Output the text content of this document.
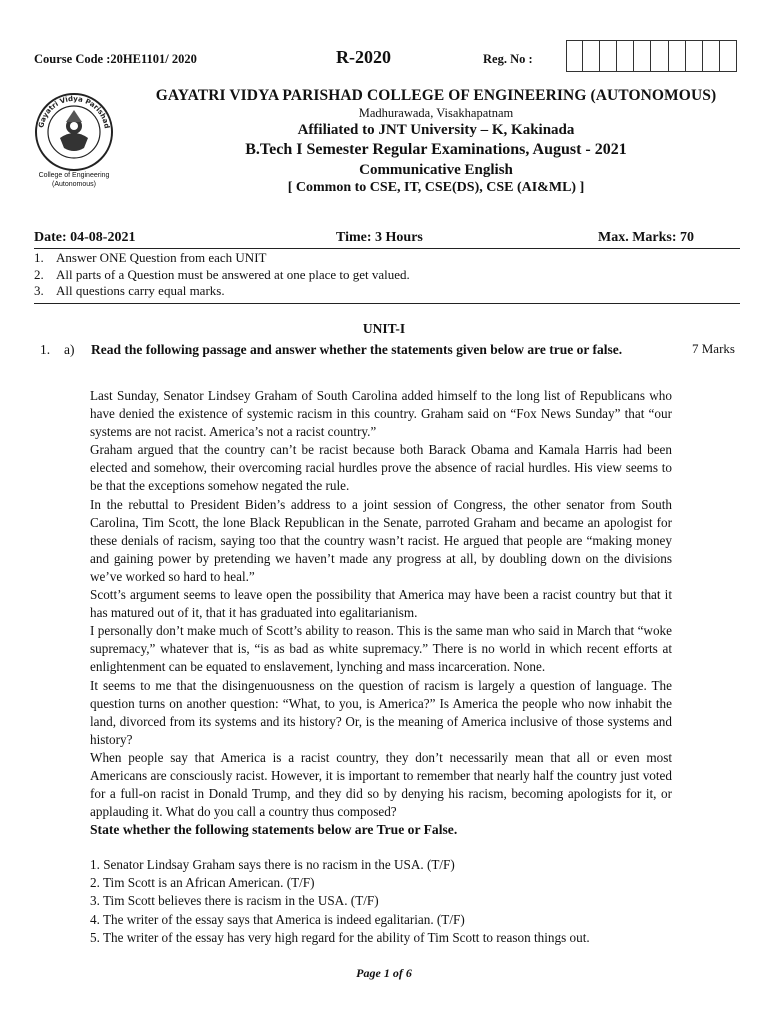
Course Code :20HE1101/ 2020	R-2020	Reg. No :
Gayatri Vidya Parishad
College of Engineering
(Autonomous)
GAYATRI VIDYA PARISHAD COLLEGE OF ENGINEERING (AUTONOMOUS)
Madhurawada, Visakhapatnam
Affiliated to JNT University – K, Kakinada
B.Tech I Semester Regular Examinations, August - 2021
Communicative English
[ Common to CSE, IT, CSE(DS), CSE (AI&ML) ]
Date: 04-08-2021	Time: 3 Hours	Max. Marks: 70
1. Answer ONE Question from each UNIT
2. All parts of a Question must be answered at one place to get valued.
3. All questions carry equal marks.
UNIT-I
1. a) Read the following passage and answer whether the statements given below are true or false.	7 Marks

Last Sunday, Senator Lindsey Graham of South Carolina added himself to the long list of Republicans who have denied the existence of systemic racism in this country. Graham said on “Fox News Sunday” that “our systems are not racist. America’s not a racist country.”

Graham argued that the country can’t be racist because both Barack Obama and Kamala Harris had been elected and somehow, their overcoming racial hurdles prove the absence of racial hurdles. His view seems to be that the exceptions somehow negated the rule.

In the rebuttal to President Biden’s address to a joint session of Congress, the other senator from South Carolina, Tim Scott, the lone Black Republican in the Senate, parroted Graham and became an apologist for these denials of racism, saying too that the country wasn’t racist. He argued that people are “making money and gaining power by pretending we haven’t made any progress at all, by doubling down on the divisions we’ve worked so hard to heal.”

Scott’s argument seems to leave open the possibility that America may have been a racist country but that it has matured out of it, that it has graduated into egalitarianism.

I personally don’t make much of Scott’s ability to reason. This is the same man who said in March that “woke supremacy,” whatever that is, “is as bad as white supremacy.” There is no world in which recent efforts at enlightenment can be equated to enslavement, lynching and mass incarceration. None.

It seems to me that the disingenuousness on the question of racism is largely a question of language. The question turns on another question: “What, to you, is America?” Is America the people who now inhabit the land, divorced from its systems and its history? Or, is the meaning of America inclusive of those systems and history?

When people say that America is a racist country, they don’t necessarily mean that all or even most Americans are consciously racist. However, it is important to remember that nearly half the country just voted for a full-on racist in Donald Trump, and they did so by denying his racism, becoming apologists for it, or applauding it. What do you call a country thus composed?

State whether the following statements below are True or False.

1. Senator Lindsay Graham says there is no racism in the USA. (T/F)
2. Tim Scott is an African American. (T/F)
3. Tim Scott believes there is racism in the USA. (T/F)
4. The writer of the essay says that America is indeed egalitarian. (T/F)
5. The writer of the essay has very high regard for the ability of Tim Scott to reason things out.
Page 1 of 6
